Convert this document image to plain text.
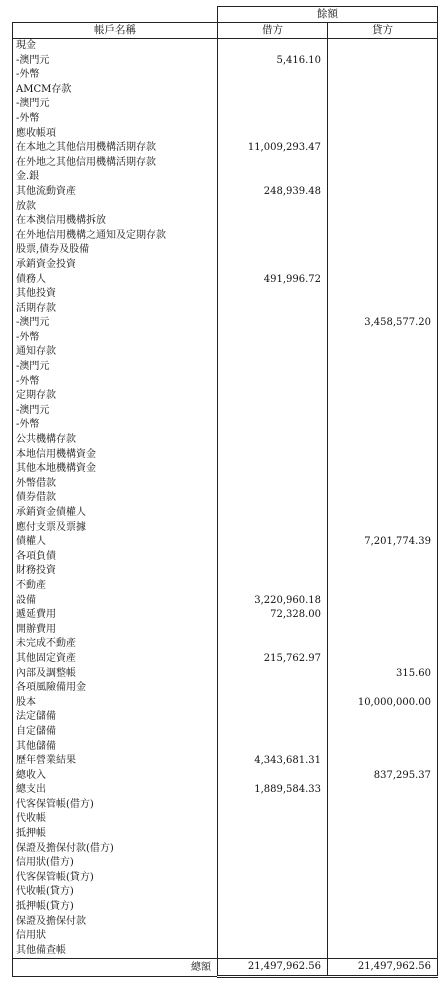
	餘額	
帳戶名稱	借方	貸方
現金		
-澳門元	5,416.10	
-外幣		
AMCM存款		
-澳門元		
-外幣		
應收帳項		
在本地之其他信用機構活期存款	11,009,293.47	
在外地之其他信用機構活期存款		
金.銀		
其他流動資產	248,939.48	
放款		
在本澳信用機構拆放		
在外地信用機構之通知及定期存款		
股票,債券及股備		
承銷資金投資		
債務人	491,996.72	
其他投資		
活期存款		
-澳門元		3,458,577.20
-外幣		
通知存款		
-澳門元		
-外幣		
定期存款		
-澳門元		
-外幣		
公共機構存款		
本地信用機構資金		
其他本地機構資金		
外幣借款		
債券借款		
承銷資金債權人		
應付支票及票據		
債權人		7,201,774.39
各項負債		
財務投資		
不動產		
設備	3,220,960.18	
遞延費用	72,328.00	
開辦費用		
未完成不動產		
其他固定資產	215,762.97	
內部及調整帳		315.60
各項風險備用金		
股本		10,000,000.00
法定儲備		
自定儲備		
其他儲備		
歷年營業結果	4,343,681.31	
總收入		837,295.37
總支出	1,889,584.33	
代客保管帳(借方)		
代收帳		
抵押帳		
保證及擔保付款(借方)		
信用狀(借方)		
代客保管帳(貸方)		
代收帳(貸方)		
抵押帳(貸方)		
保證及擔保付款		
信用狀		
其他備查帳		
總額	21,497,962.56	21,497,962.56
